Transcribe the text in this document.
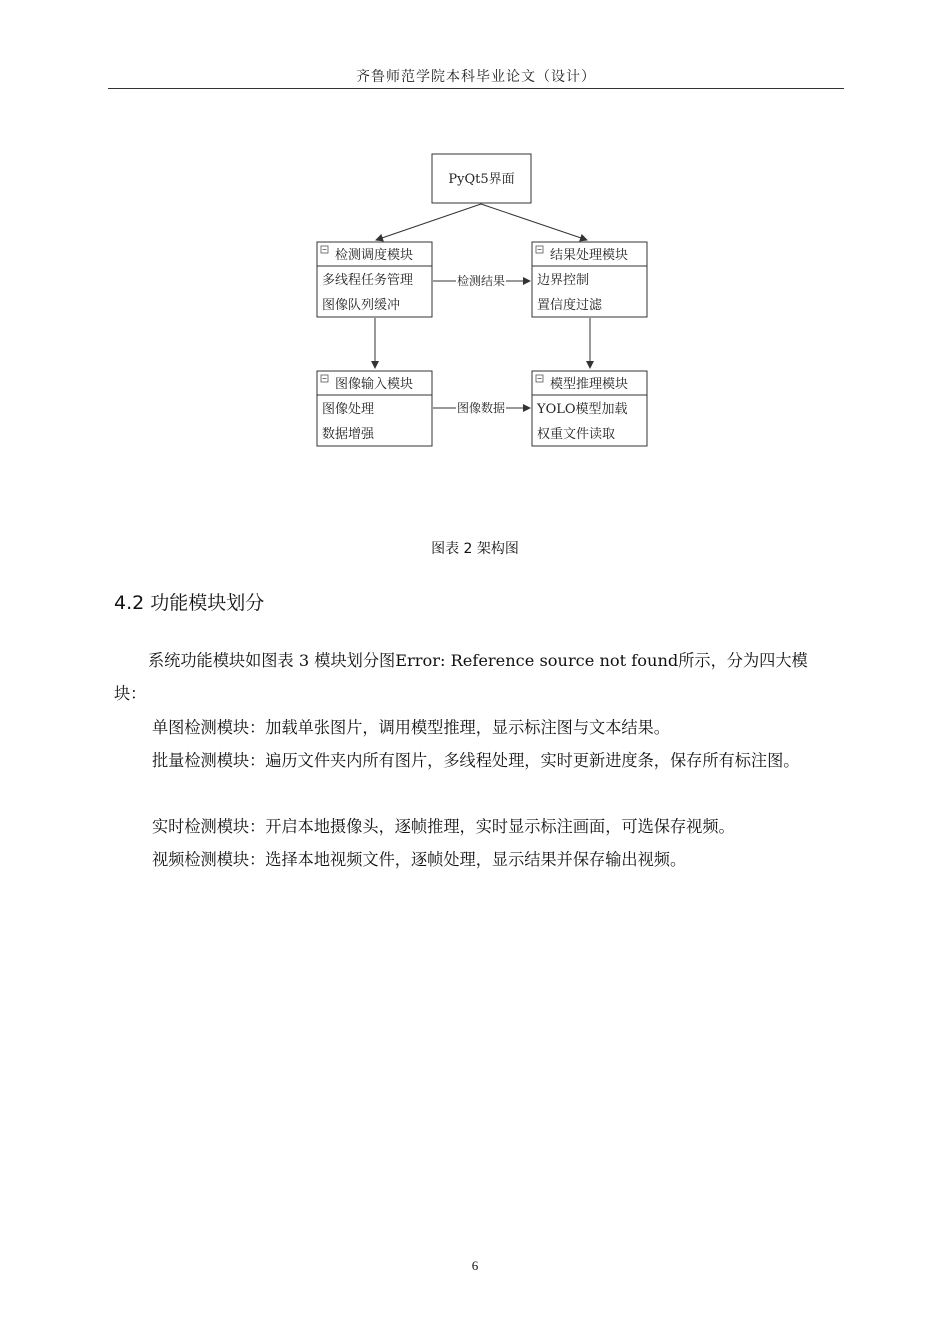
齐鲁师范学院本科毕业论文（设计）
PyQt5界面
检测调度模块
多线程任务管理
图像队列缓冲
结果处理模块
边界控制
置信度过滤
检测结果
图像输入模块
图像处理
数据增强
模型推理模块
YOLO模型加载
权重文件读取
图像数据
图表 2 架构图
4.2 功能模块划分

系统功能模块如图表 3 模块划分图Error: Reference source not found所示，分为四大模块：

单图检测模块：加载单张图片，调用模型推理，显示标注图与文本结果。

批量检测模块：遍历文件夹内所有图片，多线程处理，实时更新进度条，保存所有标注图。

实时检测模块：开启本地摄像头，逐帧推理，实时显示标注画面，可选保存视频。

视频检测模块：选择本地视频文件，逐帧处理，显示结果并保存输出视频。

6
